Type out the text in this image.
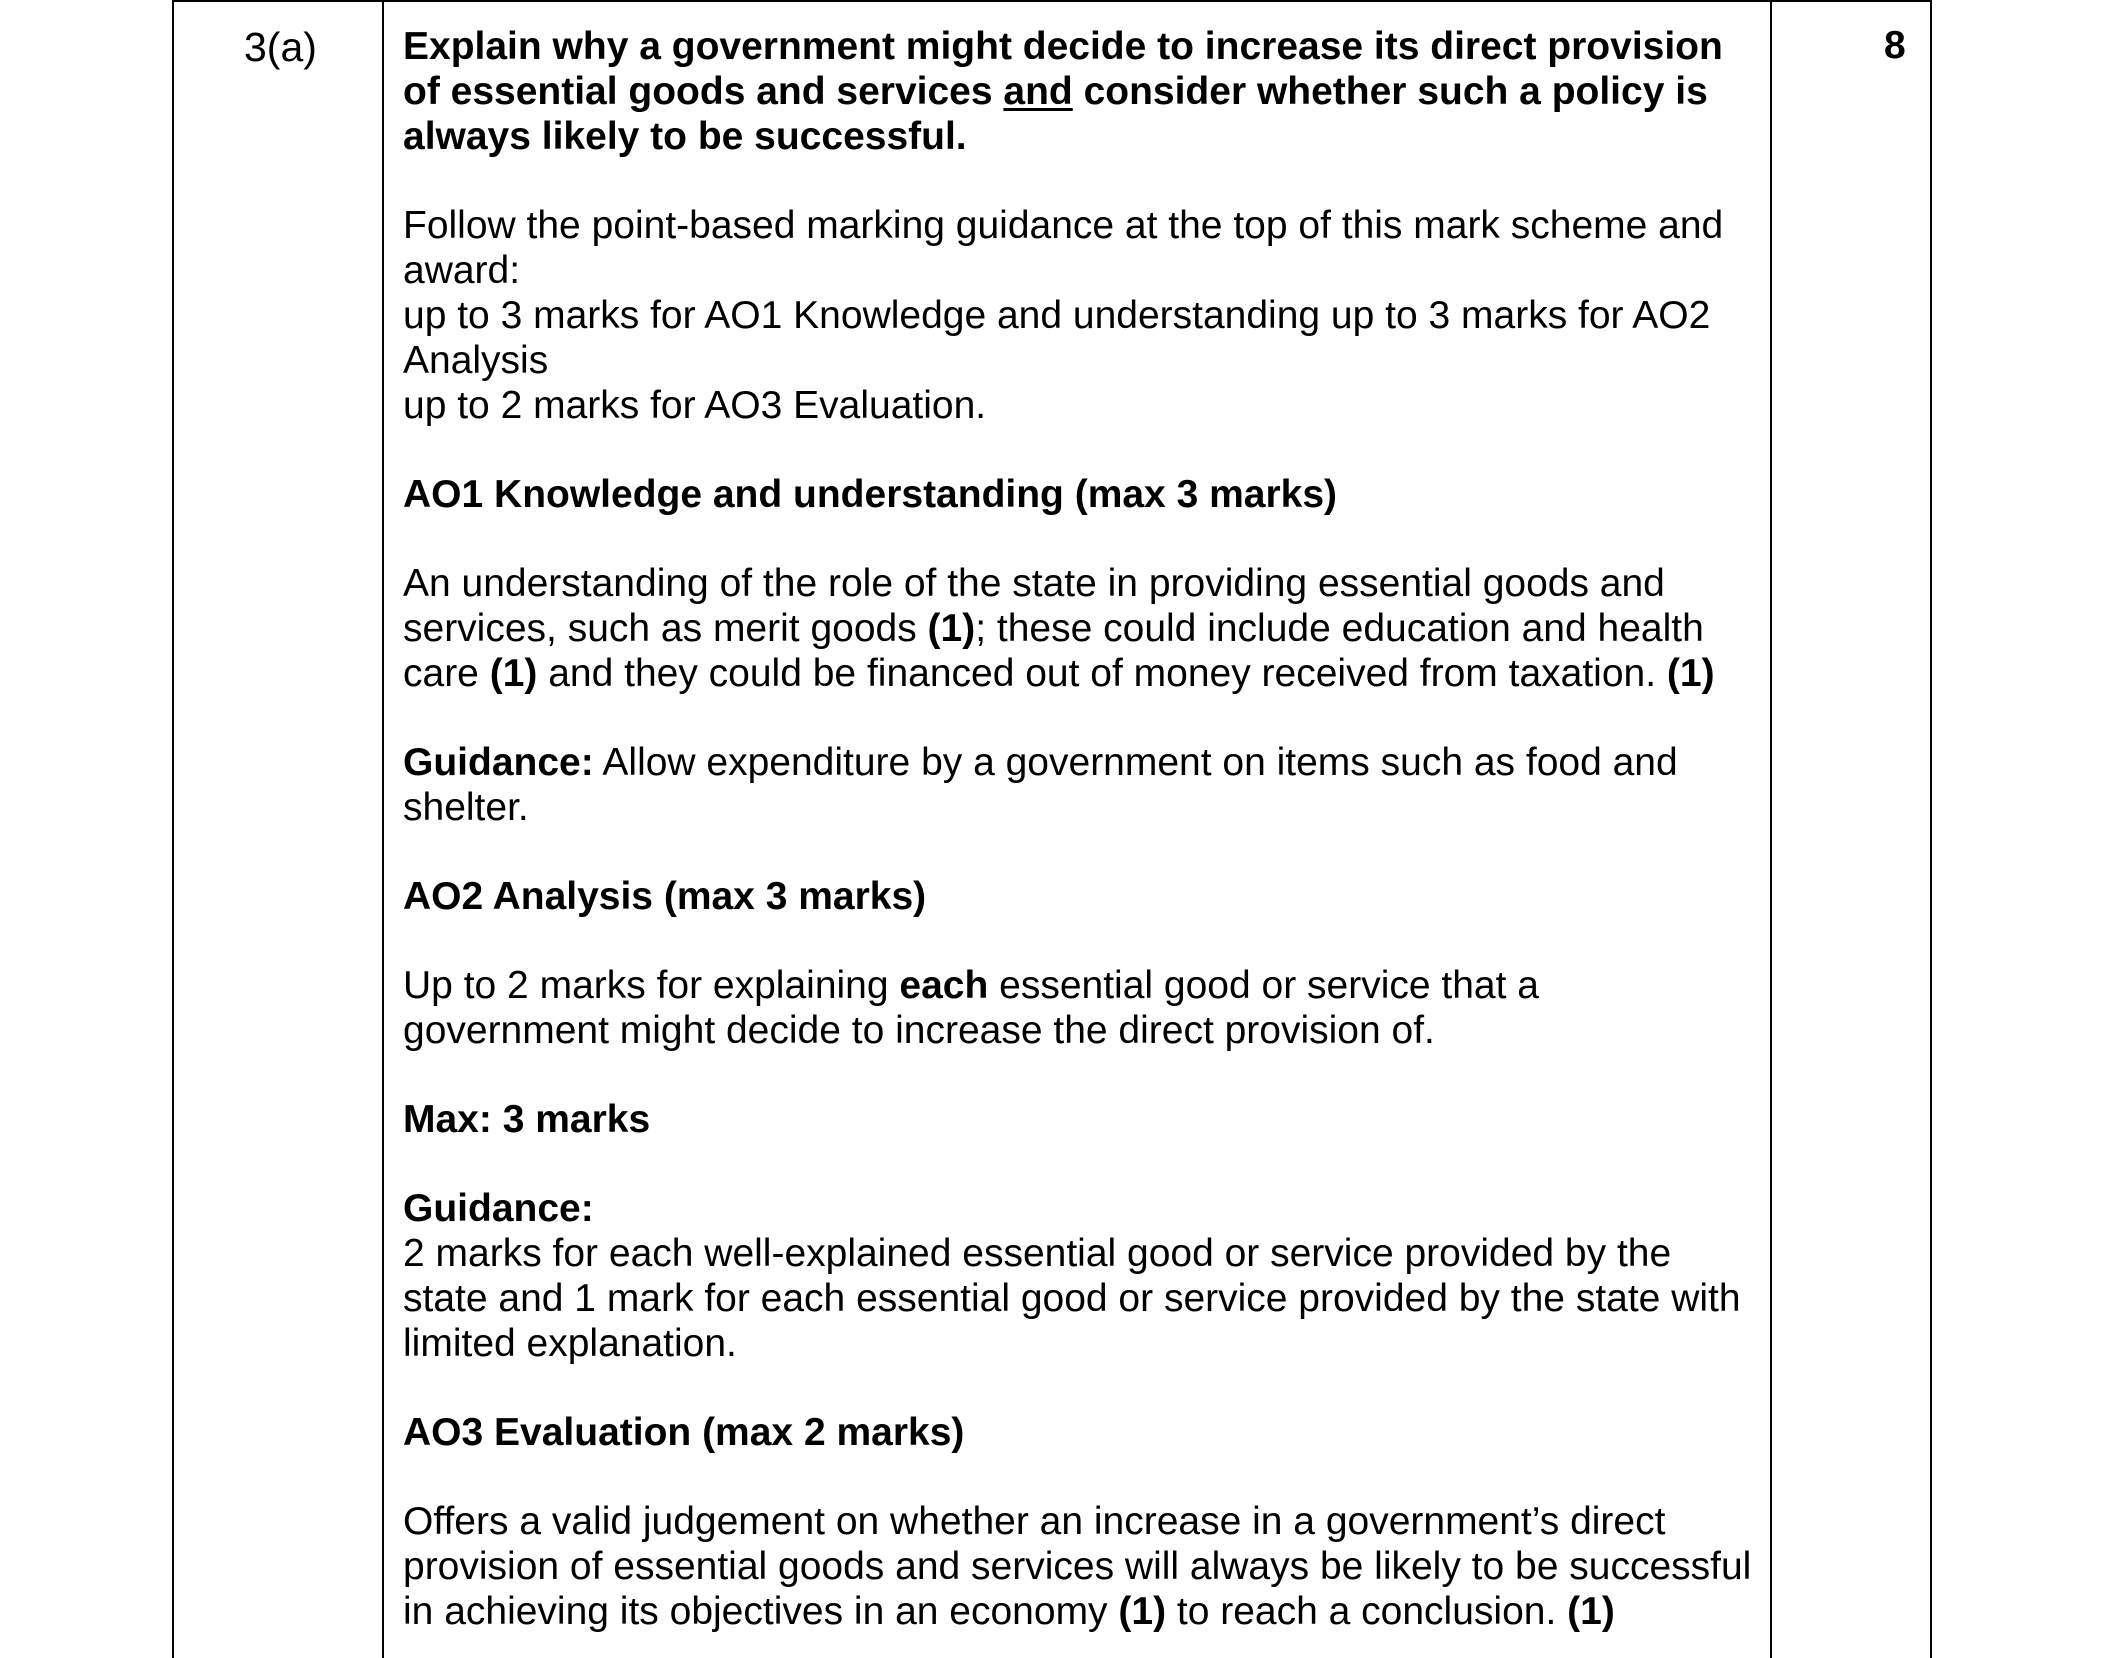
3(a)	8

Explain why a government might decide to increase its direct provision of essential goods and services and consider whether such a policy is always likely to be successful.

Follow the point-based marking guidance at the top of this mark scheme and award:

up to 3 marks for AO1 Knowledge and understanding up to 3 marks for AO2 Analysis

up to 2 marks for AO3 Evaluation.

AO1 Knowledge and understanding (max 3 marks)

An understanding of the role of the state in providing essential goods and services, such as merit goods (1); these could include education and health care (1) and they could be financed out of money received from taxation. (1)

Guidance: Allow expenditure by a government on items such as food and shelter.

AO2 Analysis (max 3 marks)

Up to 2 marks for explaining each essential good or service that a government might decide to increase the direct provision of.

Max: 3 marks

Guidance:

2 marks for each well-explained essential good or service provided by the state and 1 mark for each essential good or service provided by the state with limited explanation.

AO3 Evaluation (max 2 marks)

Offers a valid judgement on whether an increase in a government’s direct provision of essential goods and services will always be likely to be successful in achieving its objectives in an economy (1) to reach a conclusion. (1)
